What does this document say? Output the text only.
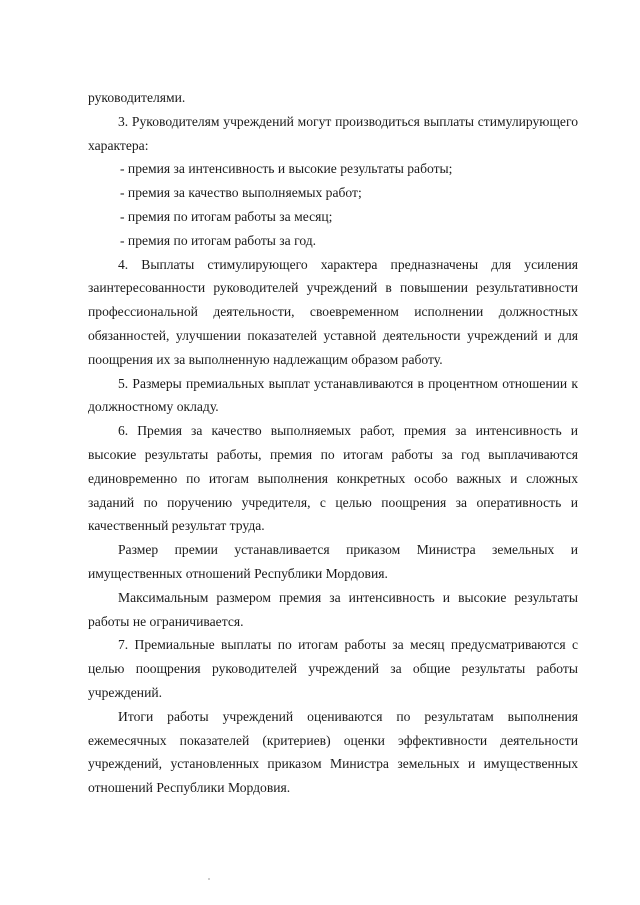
руководителями.

3. Руководителям учреждений могут производиться выплаты стимулирующего характера:

- премия за интенсивность и высокие результаты работы;

- премия за качество выполняемых работ;

- премия по итогам работы за месяц;

- премия по итогам работы за год.

4. Выплаты стимулирующего характера предназначены для усиления заинтересованности руководителей учреждений в повышении результативности профессиональной деятельности, своевременном исполнении должностных обязанностей, улучшении показателей уставной деятельности учреждений и для поощрения их за выполненную надлежащим образом работу.

5. Размеры премиальных выплат устанавливаются в процентном отношении к должностному окладу.

6. Премия за качество выполняемых работ, премия за интенсивность и высокие результаты работы, премия по итогам работы за год выплачиваются единовременно по итогам выполнения конкретных особо важных и сложных заданий по поручению учредителя, с целью поощрения за оперативность и качественный результат труда.

Размер премии устанавливается приказом Министра земельных и имущественных отношений Республики Мордовия.

Максимальным размером премия за интенсивность и высокие результаты работы не ограничивается.

7. Премиальные выплаты по итогам работы за месяц предусматриваются с целью поощрения руководителей учреждений за общие результаты работы учреждений.

Итоги работы учреждений оцениваются по результатам выполнения ежемесячных показателей (критериев) оценки эффективности деятельности учреждений, установленных приказом Министра земельных и имущественных отношений Республики Мордовия.
